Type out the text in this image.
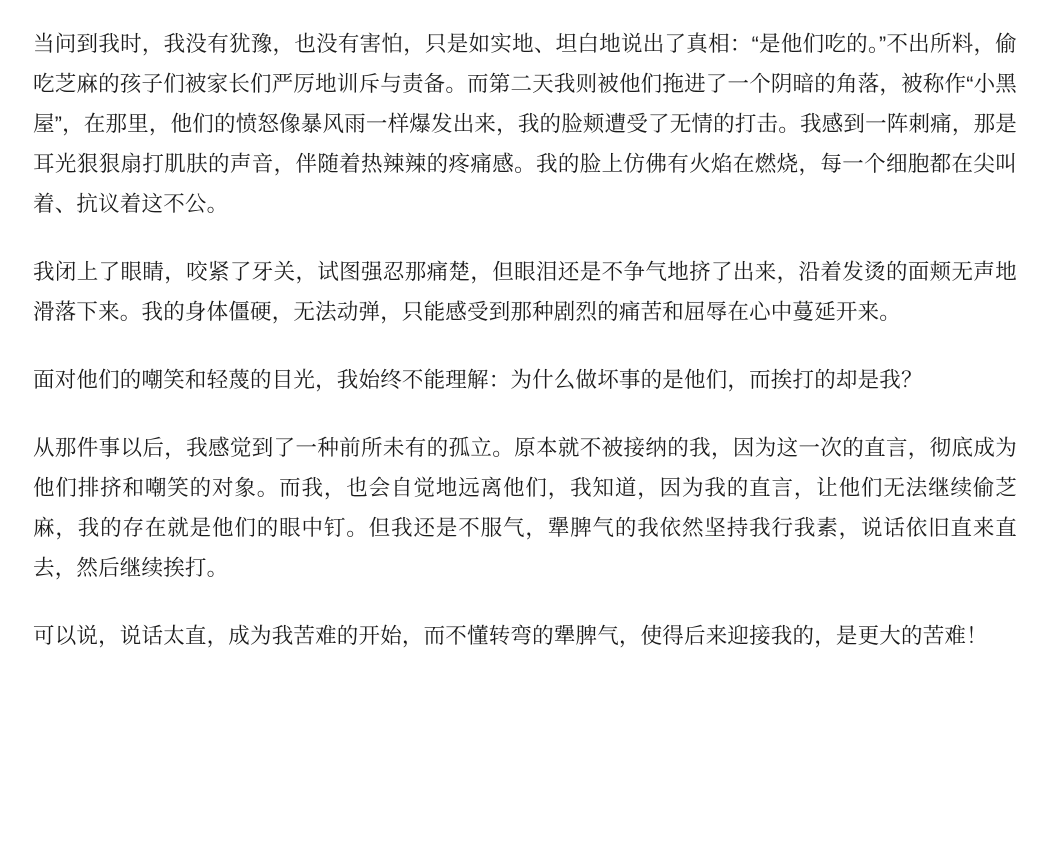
当问到我时，我没有犹豫，也没有害怕，只是如实地、坦白地说出了真相：“是他们吃的。”不出所料，偷吃芝麻的孩子们被家长们严厉地训斥与责备。而第二天我则被他们拖进了一个阴暗的角落，被称作“小黑屋”，在那里，他们的愤怒像暴风雨一样爆发出来，我的脸颊遭受了无情的打击。我感到一阵刺痛，那是耳光狠狠扇打肌肤的声音，伴随着热辣辣的疼痛感。我的脸上仿佛有火焰在燃烧，每一个细胞都在尖叫着、抗议着这不公。

我闭上了眼睛，咬紧了牙关，试图强忍那痛楚，但眼泪还是不争气地挤了出来，沿着发烫的面颊无声地滑落下来。我的身体僵硬，无法动弹，只能感受到那种剧烈的痛苦和屈辱在心中蔓延开来。

面对他们的嘲笑和轻蔑的目光，我始终不能理解：为什么做坏事的是他们，而挨打的却是我？

从那件事以后，我感觉到了一种前所未有的孤立。原本就不被接纳的我，因为这一次的直言，彻底成为他们排挤和嘲笑的对象。而我，也会自觉地远离他们，我知道，因为我的直言，让他们无法继续偷芝麻，我的存在就是他们的眼中钉。但我还是不服气，犟脾气的我依然坚持我行我素，说话依旧直来直去，然后继续挨打。

可以说，说话太直，成为我苦难的开始，而不懂转弯的犟脾气，使得后来迎接我的，是更大的苦难！
